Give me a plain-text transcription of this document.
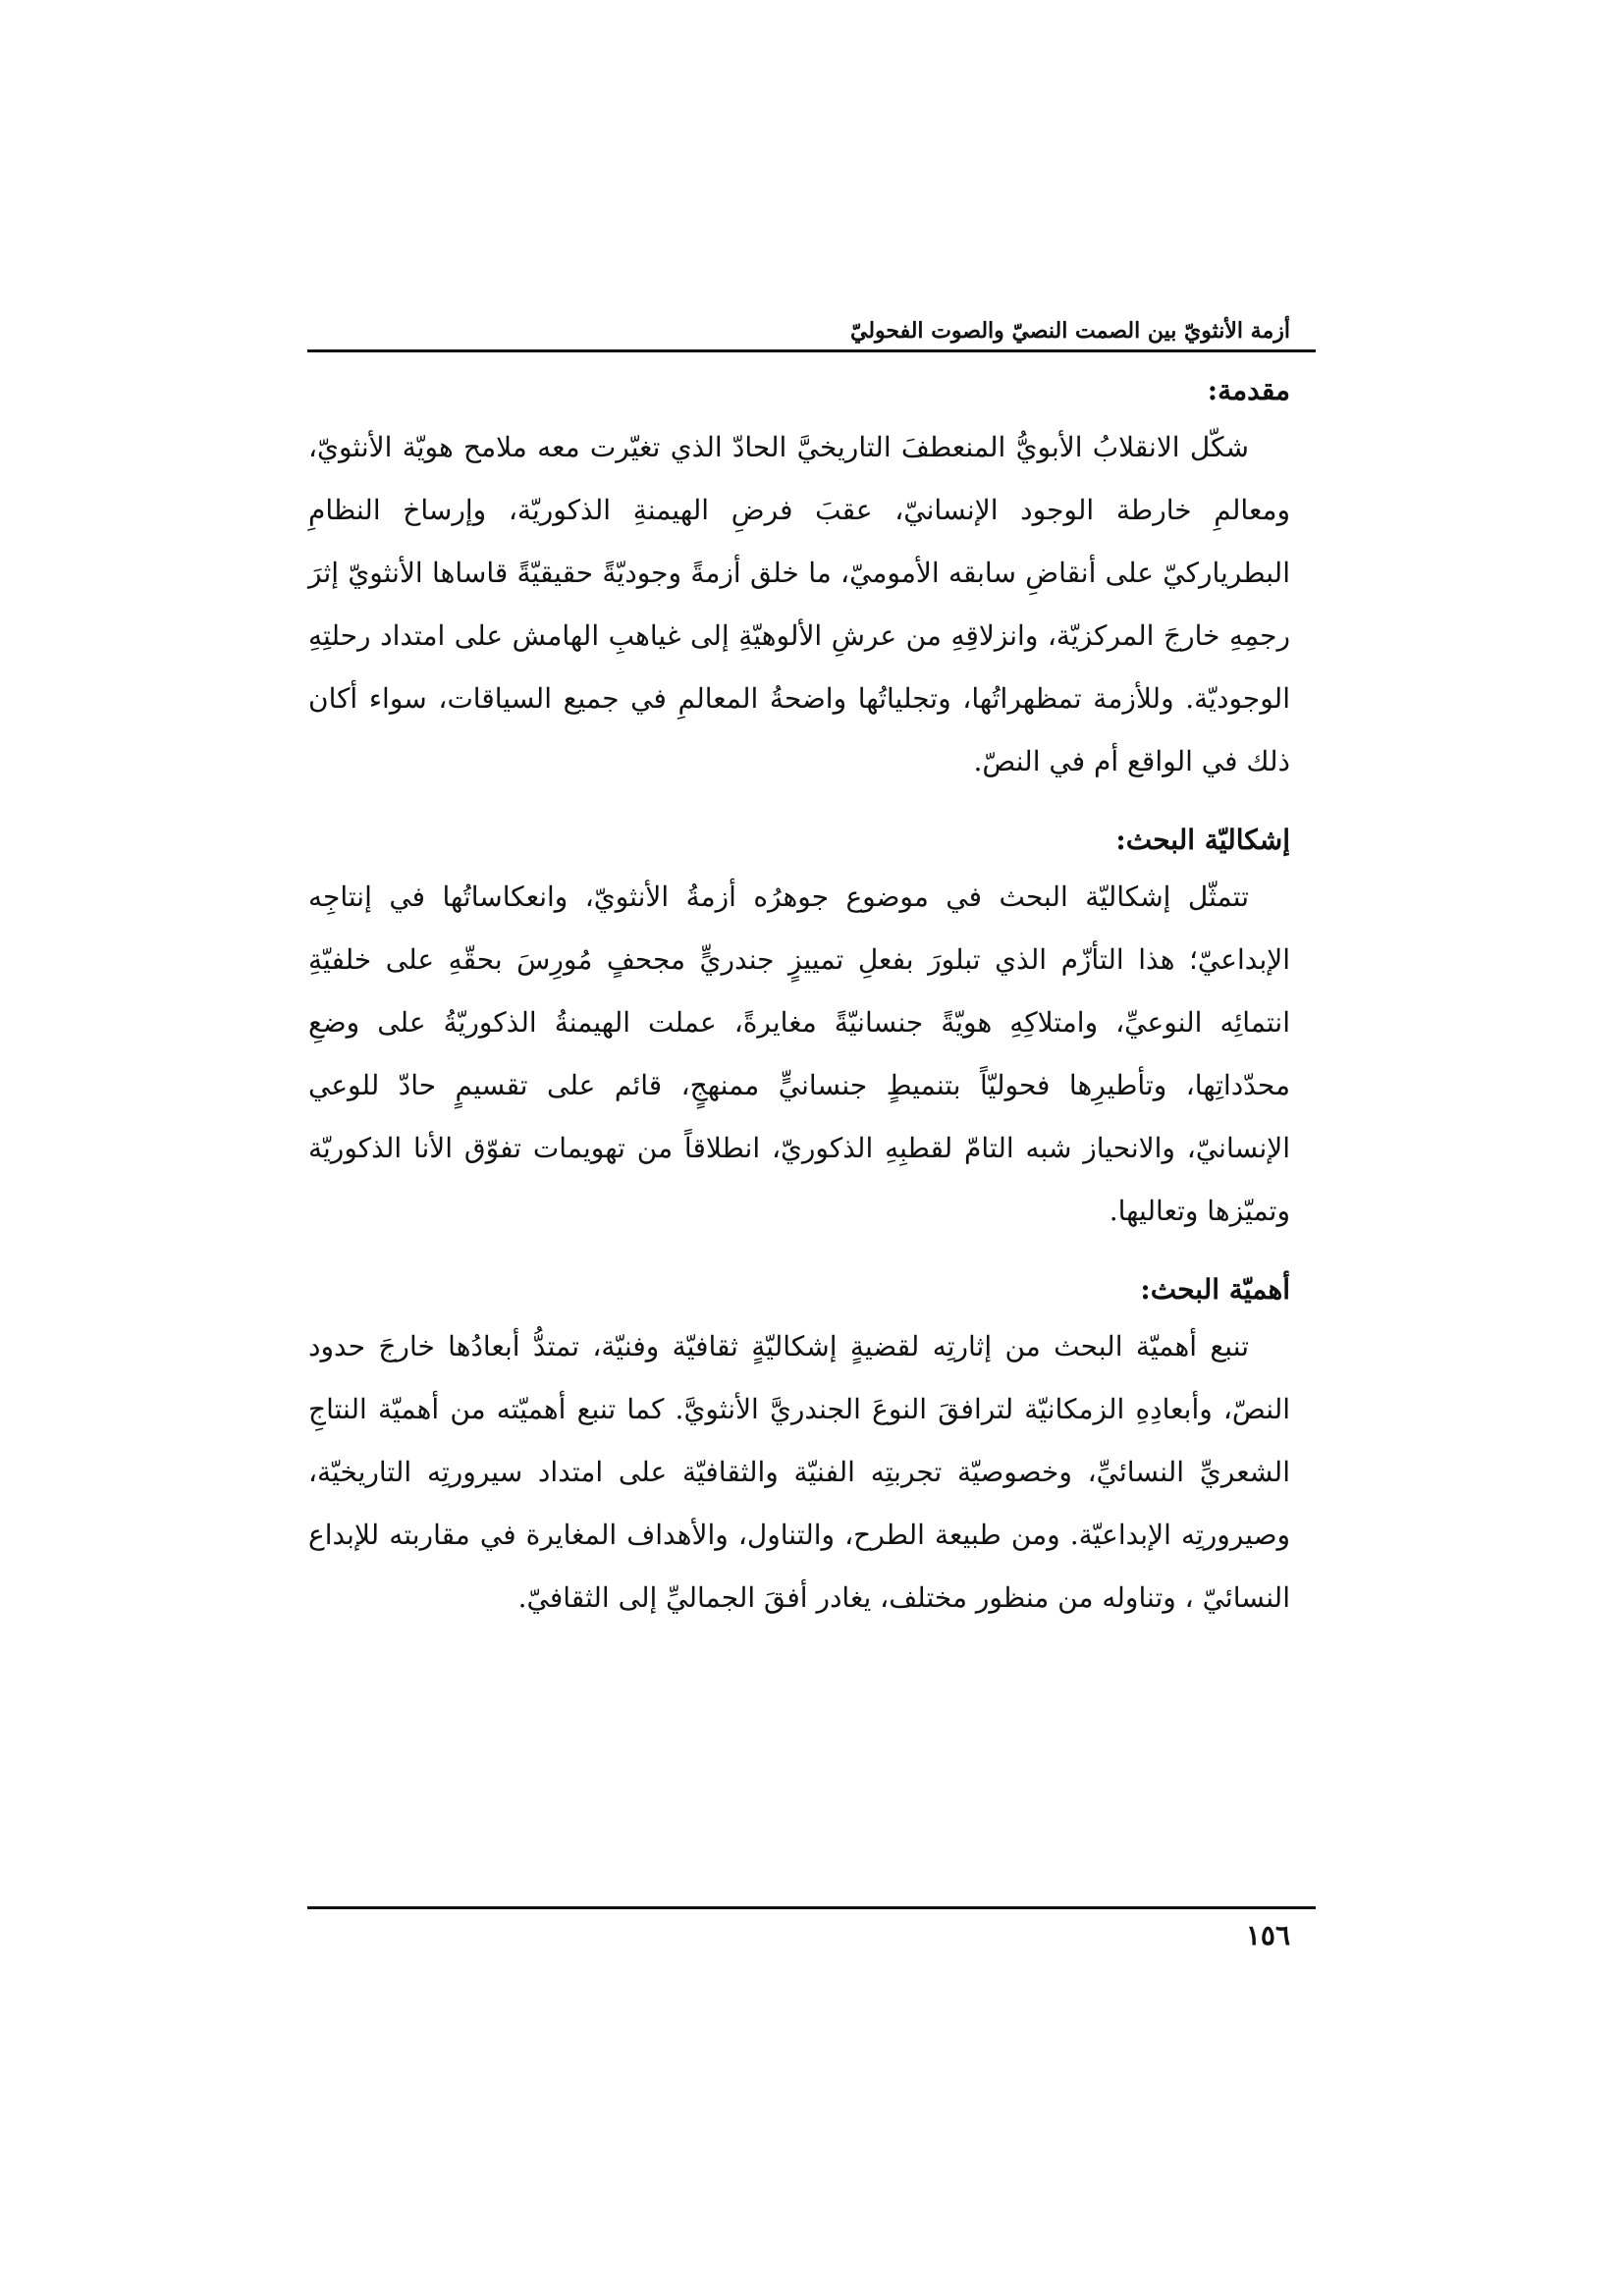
أزمة الأنثويّ بين الصمت النصيّ والصوت الفحوليّ
مقدمة:

شكّل الانقلابُ الأبويُّ المنعطفَ التاريخيَّ الحادّ الذي تغيّرت معه ملامح هويّة الأنثويّ، ومعالمِ خارطة الوجود الإنسانيّ، عقبَ فرضِ الهيمنةِ الذكوريّة، وإرساخ النظامِ البطرياركيّ على أنقاضِ سابقه الأموميّ، ما خلق أزمةً وجوديّةً حقيقيّةً قاساها الأنثويّ إثرَ رجمِهِ خارجَ المركزيّة، وانزلاقِهِ من عرشِ الألوهيّةِ إلى غياهبِ الهامش على امتداد رحلتِهِ الوجوديّة. وللأزمة تمظهراتُها، وتجلياتُها واضحةُ المعالمِ في جميع السياقات، سواء أكان ذلك في الواقع أم في النصّ.

إشكاليّة البحث:

تتمثّل إشكاليّة البحث في موضوع جوهرُه أزمةُ الأنثويّ، وانعكاساتُها في إنتاجِه الإبداعيّ؛ هذا التأزّم الذي تبلورَ بفعلِ تمييزٍ جندريٍّ مجحفٍ مُورِسَ بحقّهِ على خلفيّةِ انتمائِه النوعيِّ، وامتلاكِهِ هويّةً جنسانيّةً مغايرةً، عملت الهيمنةُ الذكوريّةُ على وضعِ محدّداتِها، وتأطيرِها فحوليّاً بتنميطٍ جنسانيٍّ ممنهجٍ، قائم على تقسيمٍ حادّ للوعي الإنسانيّ، والانحياز شبه التامّ لقطبِهِ الذكوريّ، انطلاقاً من تهويمات تفوّق الأنا الذكوريّة وتميّزها وتعاليها.

أهميّة البحث:

تنبع أهميّة البحث من إثارتِه لقضيةٍ إشكاليّةٍ ثقافيّة وفنيّة، تمتدُّ أبعادُها خارجَ حدود النصّ، وأبعادِهِ الزمكانيّة لترافقَ النوعَ الجندريَّ الأنثويَّ. كما تنبع أهميّته من أهميّة النتاجِ الشعريِّ النسائيِّ، وخصوصيّة تجربتِه الفنيّة والثقافيّة على امتداد سيرورتِه التاريخيّة، وصيرورتِه الإبداعيّة. ومن طبيعة الطرح، والتناول، والأهداف المغايرة في مقاربته للإبداع النسائيّ ، وتناوله من منظور مختلف، يغادر أفقَ الجماليِّ إلى الثقافيّ.

١٥٦
